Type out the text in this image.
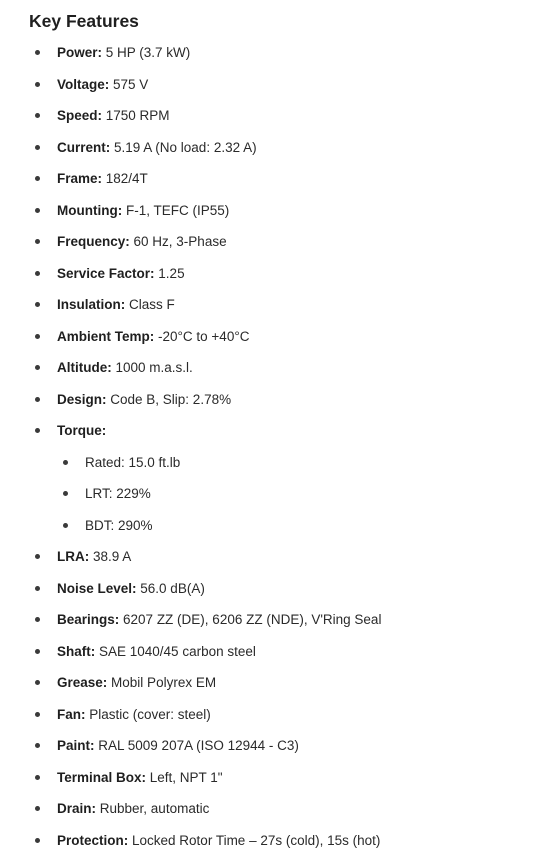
Key Features
Power: 5 HP (3.7 kW)
Voltage: 575 V
Speed: 1750 RPM
Current: 5.19 A (No load: 2.32 A)
Frame: 182/4T
Mounting: F-1, TEFC (IP55)
Frequency: 60 Hz, 3-Phase
Service Factor: 1.25
Insulation: Class F
Ambient Temp: -20°C to +40°C
Altitude: 1000 m.a.s.l.
Design: Code B, Slip: 2.78%
Torque:
Rated: 15.0 ft.lb
LRT: 229%
BDT: 290%
LRA: 38.9 A
Noise Level: 56.0 dB(A)
Bearings: 6207 ZZ (DE), 6206 ZZ (NDE), V'Ring Seal
Shaft: SAE 1040/45 carbon steel
Grease: Mobil Polyrex EM
Fan: Plastic (cover: steel)
Paint: RAL 5009 207A (ISO 12944 - C3)
Terminal Box: Left, NPT 1"
Drain: Rubber, automatic
Protection: Locked Rotor Time – 27s (cold), 15s (hot)
